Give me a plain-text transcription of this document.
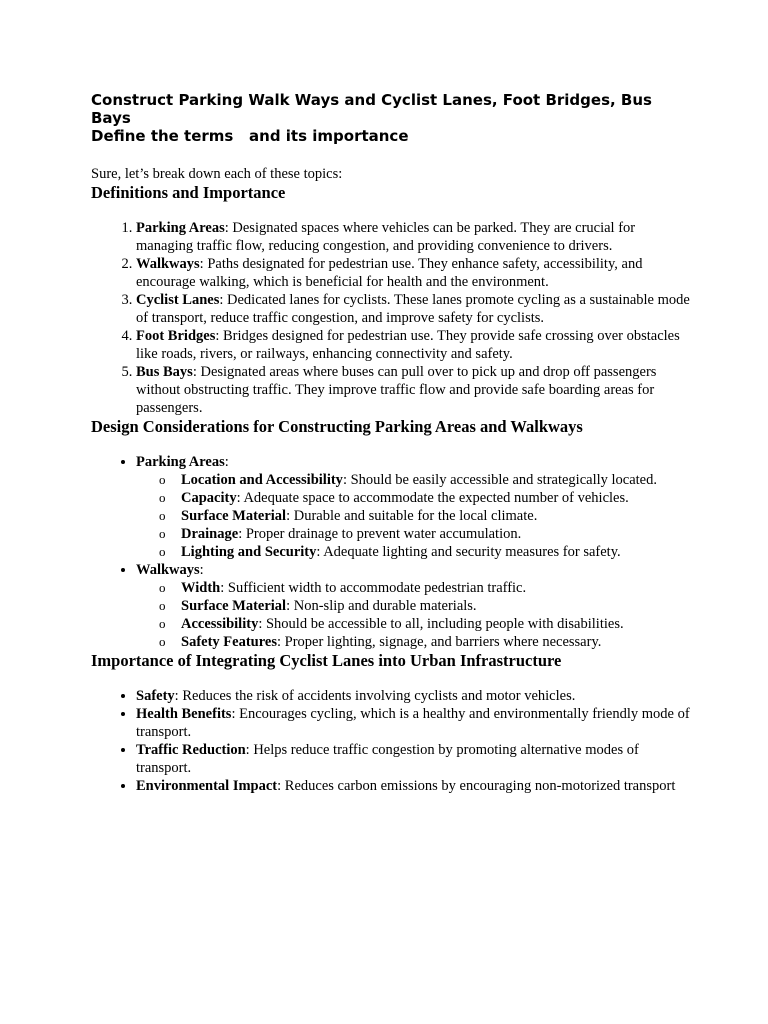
Construct Parking Walk Ways and Cyclist Lanes, Foot Bridges, Bus Bays

Define the terms   and its importance

Sure, let’s break down each of these topics:

Definitions and Importance
1. Parking Areas: Designated spaces where vehicles can be parked. They are crucial for managing traffic flow, reducing congestion, and providing convenience to drivers.
2. Walkways: Paths designated for pedestrian use. They enhance safety, accessibility, and encourage walking, which is beneficial for health and the environment.
3. Cyclist Lanes: Dedicated lanes for cyclists. These lanes promote cycling as a sustainable mode of transport, reduce traffic congestion, and improve safety for cyclists.
4. Foot Bridges: Bridges designed for pedestrian use. They provide safe crossing over obstacles like roads, rivers, or railways, enhancing connectivity and safety.
5. Bus Bays: Designated areas where buses can pull over to pick up and drop off passengers without obstructing traffic. They improve traffic flow and provide safe boarding areas for passengers.
Design Considerations for Constructing Parking Areas and Walkways
• Parking Areas:
o Location and Accessibility: Should be easily accessible and strategically located.
o Capacity: Adequate space to accommodate the expected number of vehicles.
o Surface Material: Durable and suitable for the local climate.
o Drainage: Proper drainage to prevent water accumulation.
o Lighting and Security: Adequate lighting and security measures for safety.
• Walkways:
o Width: Sufficient width to accommodate pedestrian traffic.
o Surface Material: Non-slip and durable materials.
o Accessibility: Should be accessible to all, including people with disabilities.
o Safety Features: Proper lighting, signage, and barriers where necessary.
Importance of Integrating Cyclist Lanes into Urban Infrastructure
• Safety: Reduces the risk of accidents involving cyclists and motor vehicles.
• Health Benefits: Encourages cycling, which is a healthy and environmentally friendly mode of transport.
• Traffic Reduction: Helps reduce traffic congestion by promoting alternative modes of transport.
• Environmental Impact: Reduces carbon emissions by encouraging non-motorized transport
